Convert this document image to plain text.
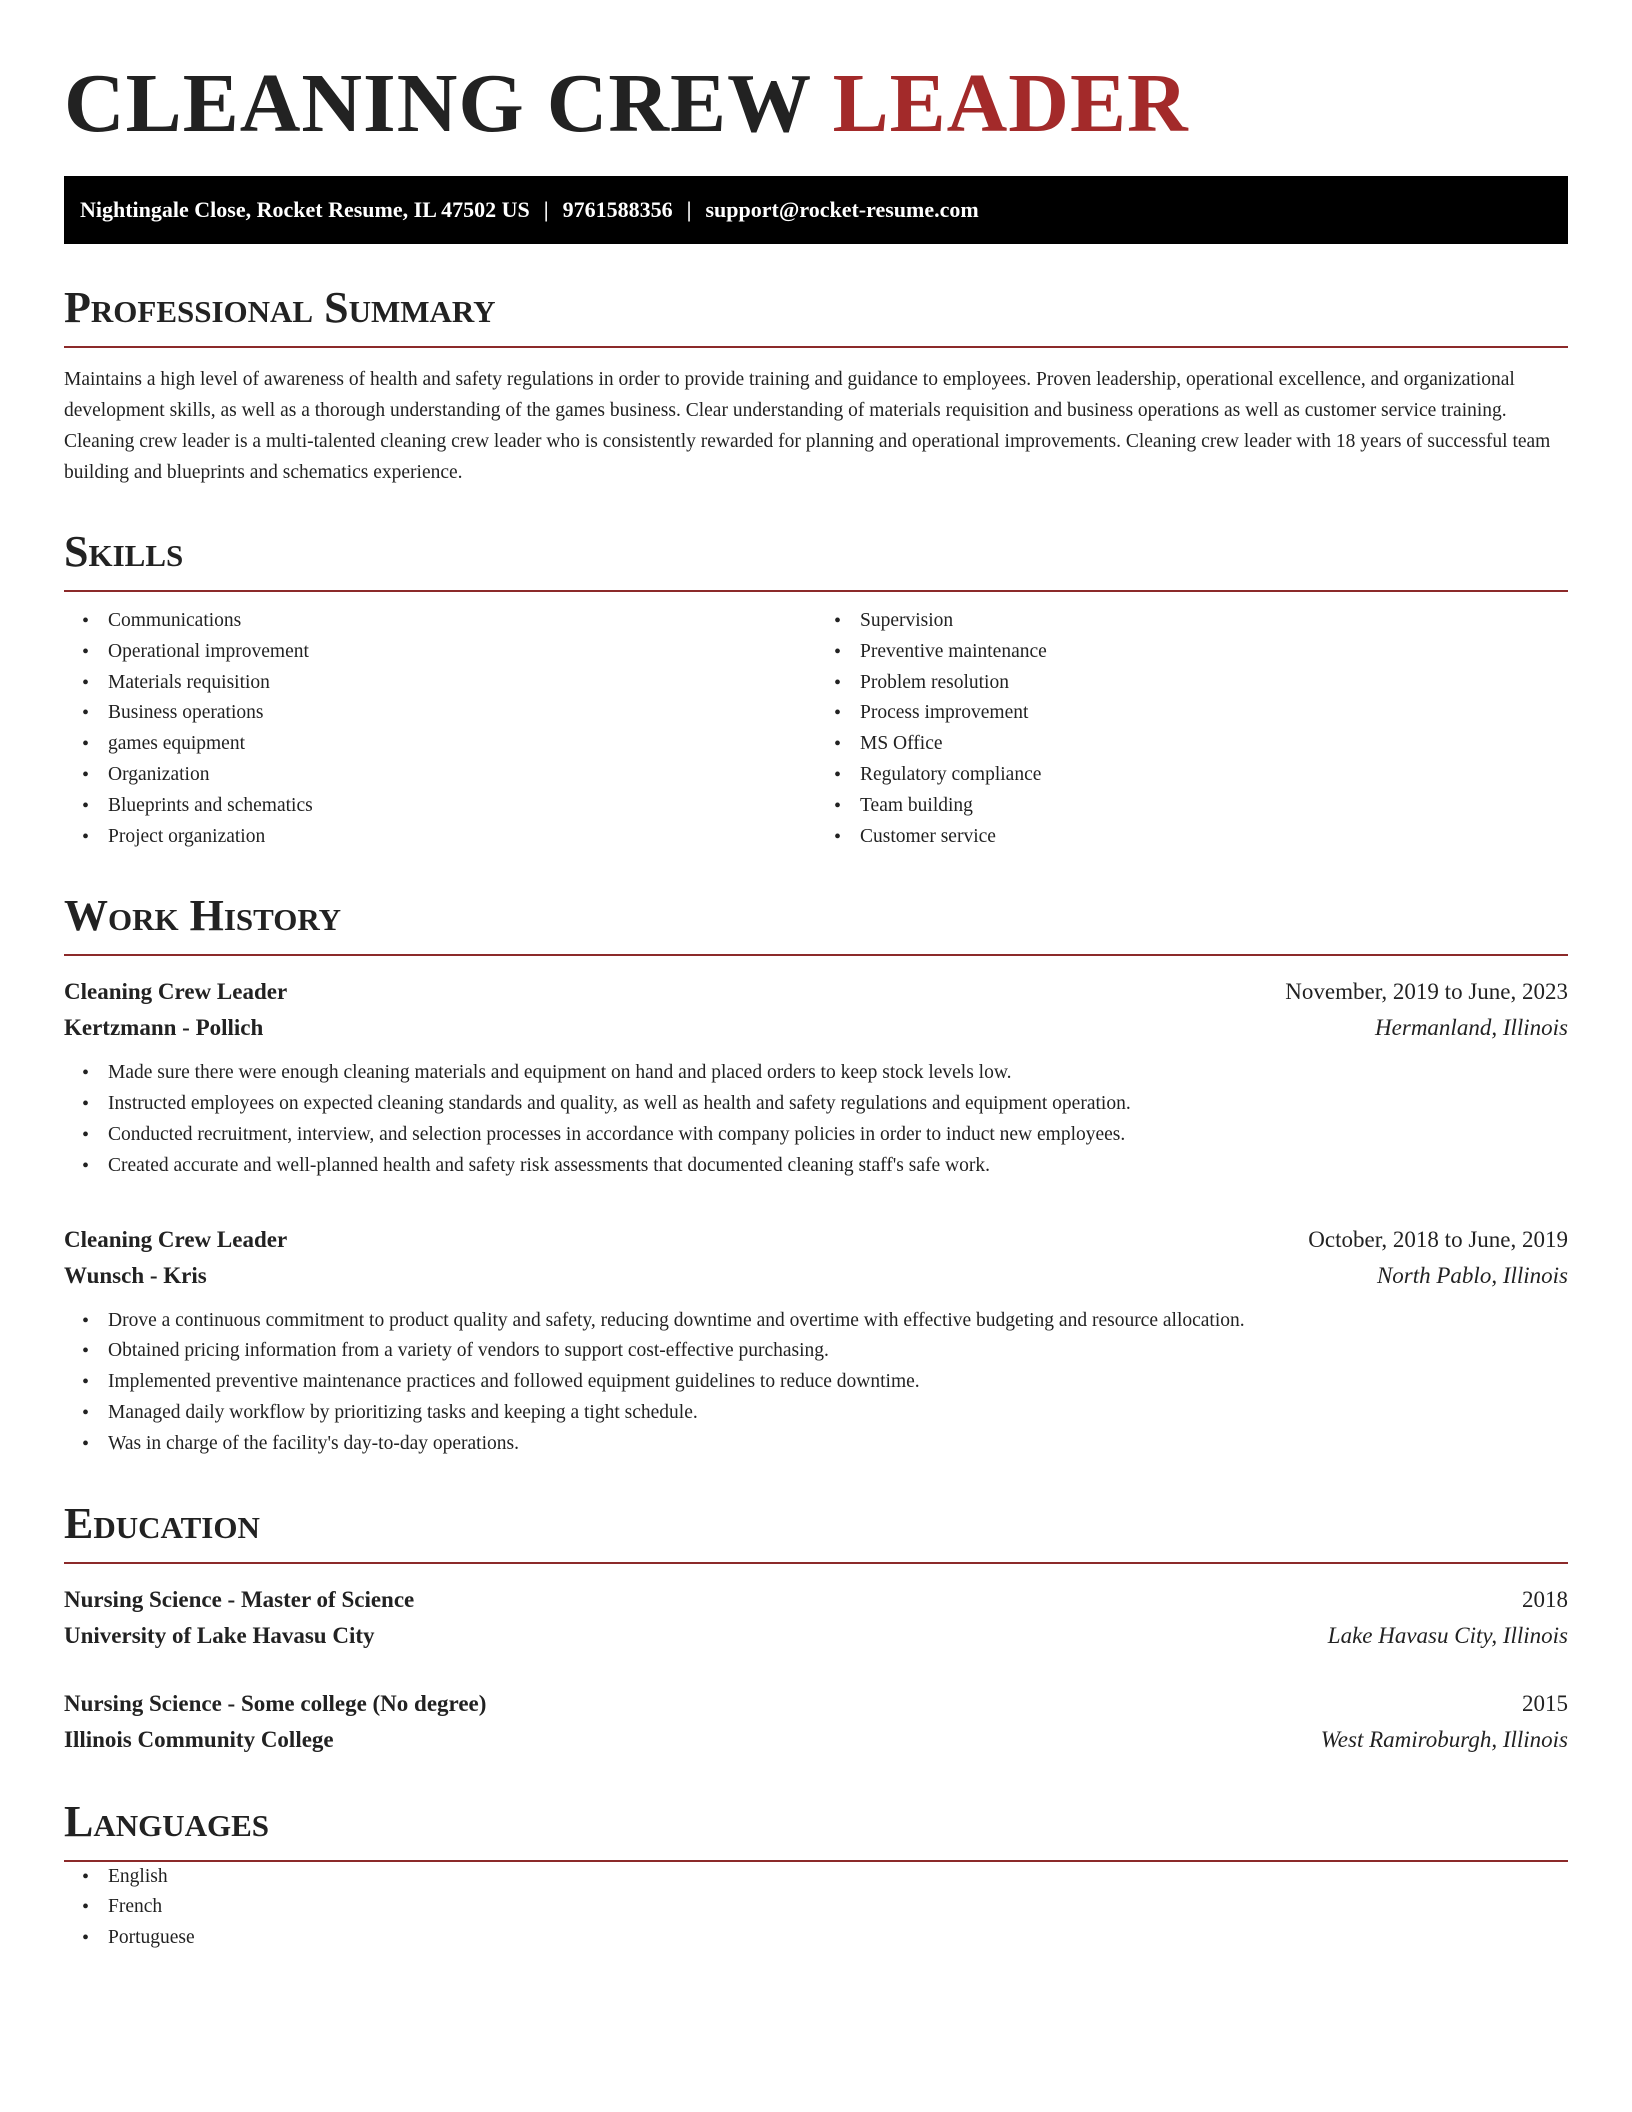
CLEANING CREW LEADER
Nightingale Close, Rocket Resume, IL 47502 US | 9761588356 | support@rocket-resume.com
Professional Summary

Maintains a high level of awareness of health and safety regulations in order to provide training and guidance to employees. Proven leadership, operational excellence, and organizational development skills, as well as a thorough understanding of the games business. Clear understanding of materials requisition and business operations as well as customer service training. Cleaning crew leader is a multi-talented cleaning crew leader who is consistently rewarded for planning and operational improvements. Cleaning crew leader with 18 years of successful team building and blueprints and schematics experience.

Skills
• Communications
• Operational improvement
• Materials requisition
• Business operations
• games equipment
• Organization
• Blueprints and schematics
• Project organization
• Supervision
• Preventive maintenance
• Problem resolution
• Process improvement
• MS Office
• Regulatory compliance
• Team building
• Customer service
Work History
Cleaning Crew Leader	November, 2019 to June, 2023
Kertzmann - Pollich	Hermanland, Illinois
• Made sure there were enough cleaning materials and equipment on hand and placed orders to keep stock levels low.
• Instructed employees on expected cleaning standards and quality, as well as health and safety regulations and equipment operation.
• Conducted recruitment, interview, and selection processes in accordance with company policies in order to induct new employees.
• Created accurate and well-planned health and safety risk assessments that documented cleaning staff's safe work.
Cleaning Crew Leader	October, 2018 to June, 2019
Wunsch - Kris	North Pablo, Illinois
• Drove a continuous commitment to product quality and safety, reducing downtime and overtime with effective budgeting and resource allocation.
• Obtained pricing information from a variety of vendors to support cost-effective purchasing.
• Implemented preventive maintenance practices and followed equipment guidelines to reduce downtime.
• Managed daily workflow by prioritizing tasks and keeping a tight schedule.
• Was in charge of the facility's day-to-day operations.
Education
Nursing Science - Master of Science	2018
University of Lake Havasu City	Lake Havasu City, Illinois
Nursing Science - Some college (No degree)	2015
Illinois Community College	West Ramiroburgh, Illinois
Languages
• English
• French
• Portuguese
